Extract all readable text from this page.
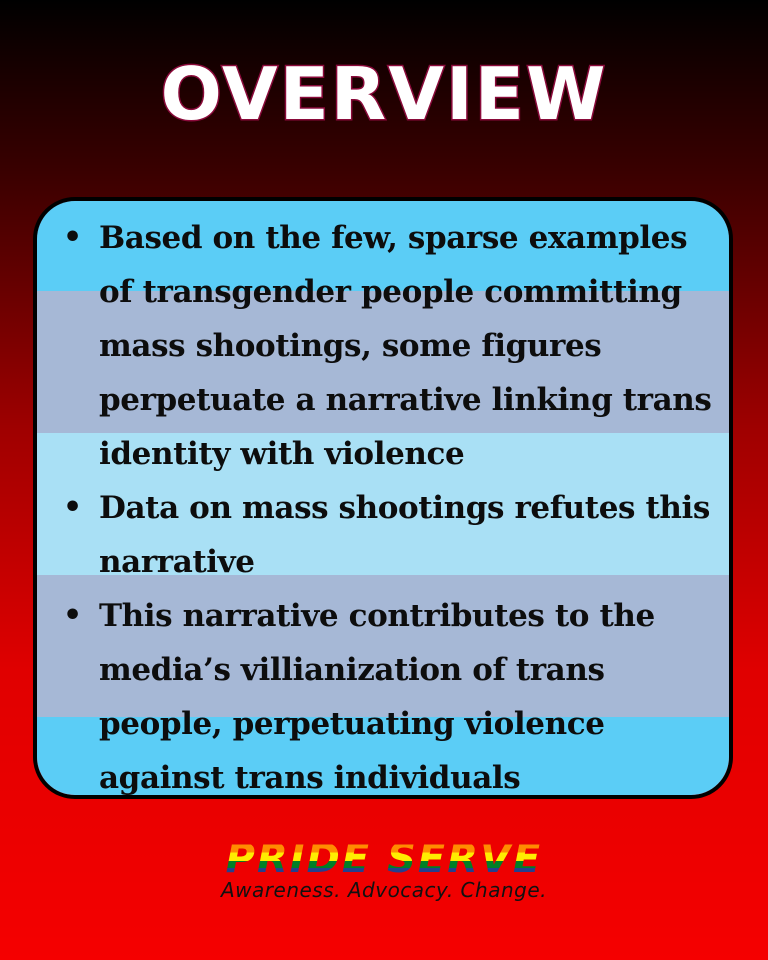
OVERVIEW
• Based on the few, sparse examples of transgender people committing mass shootings, some figures perpetuate a narrative linking trans identity with violence
• Data on mass shootings refutes this narrative
• This narrative contributes to the media’s villianization of trans people, perpetuating violence against trans individuals
PRIDE SERVE
Awareness. Advocacy. Change.
